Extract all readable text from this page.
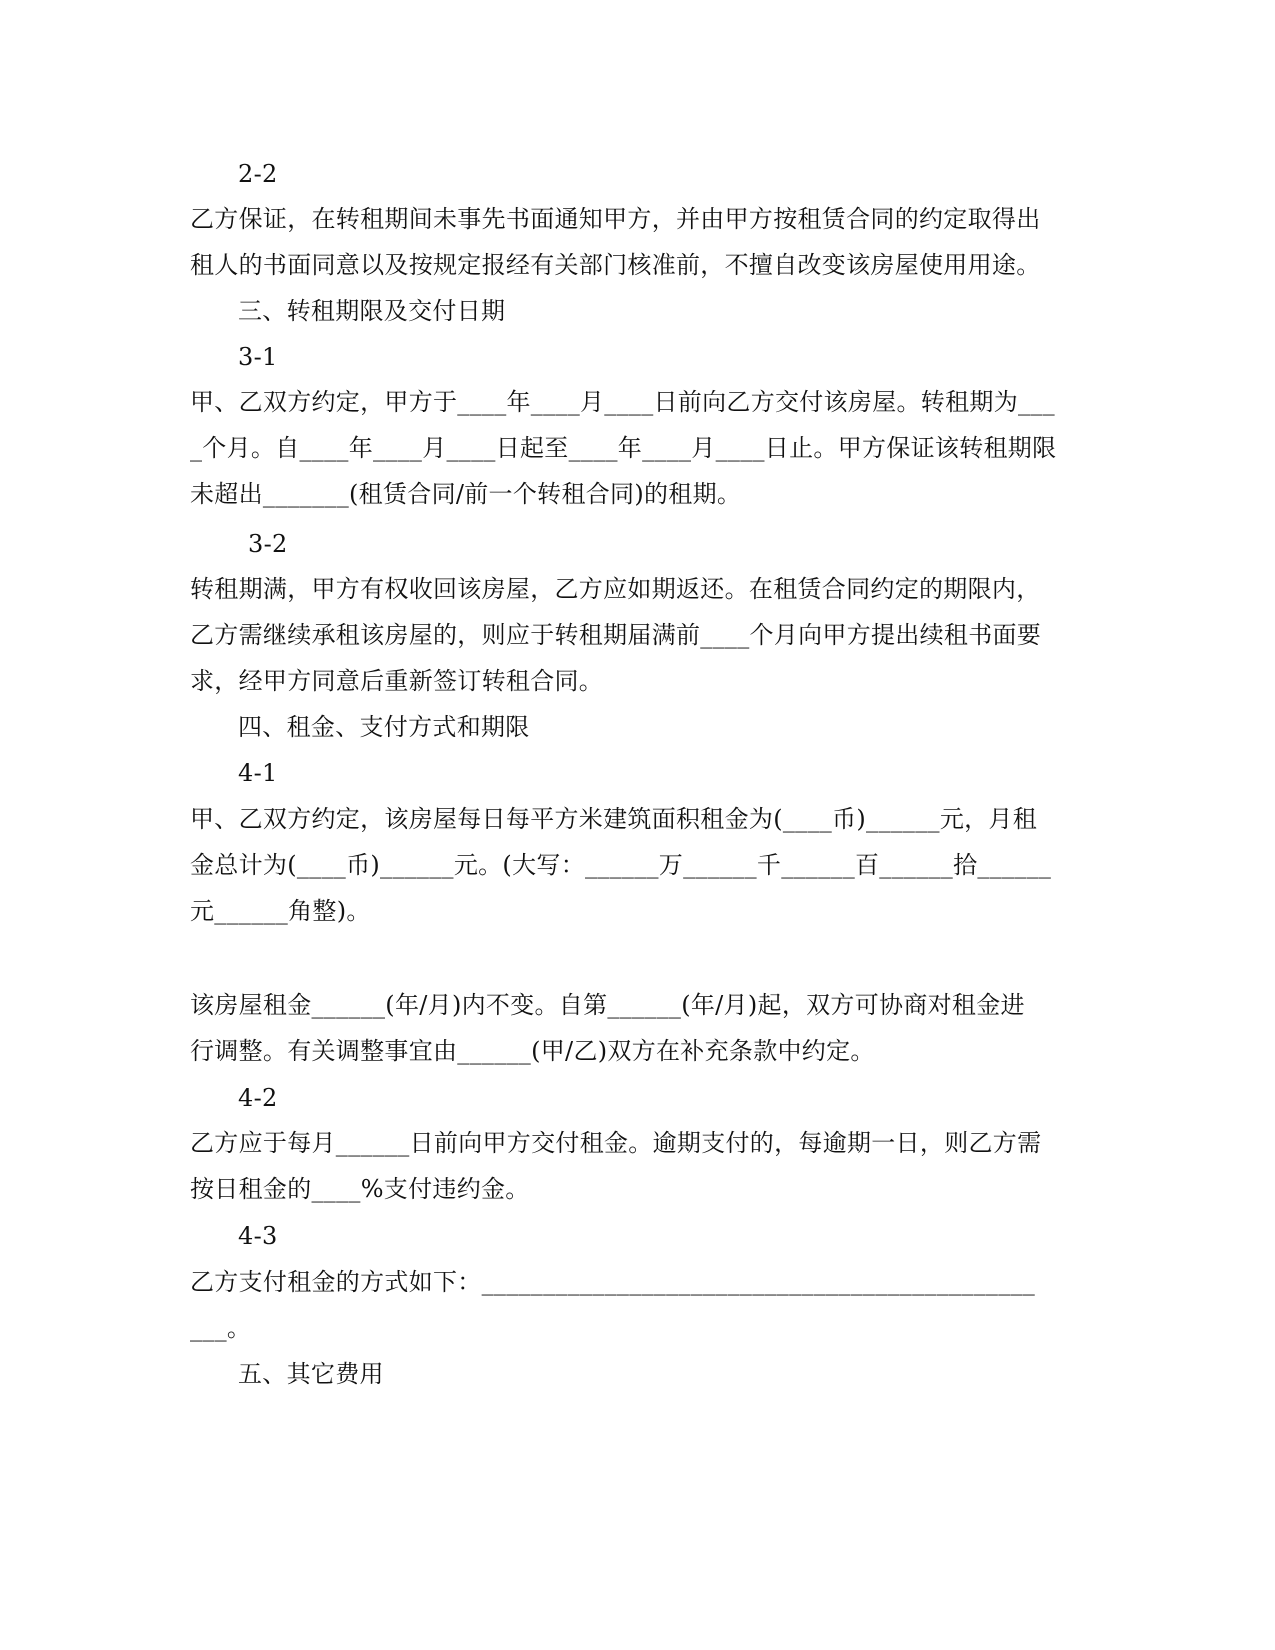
2-2
乙方保证，在转租期间未事先书面通知甲方，并由甲方按租赁合同的约定取得出
租人的书面同意以及按规定报经有关部门核准前，不擅自改变该房屋使用用途。
三、转租期限及交付日期
3-1
甲、乙双方约定，甲方于____年____月____日前向乙方交付该房屋。转租期为___
_个月。自____年____月____日起至____年____月____日止。甲方保证该转租期限
未超出_______(租赁合同/前一个转租合同)的租期。
3-2
转租期满，甲方有权收回该房屋，乙方应如期返还。在租赁合同约定的期限内，
乙方需继续承租该房屋的，则应于转租期届满前____个月向甲方提出续租书面要
求，经甲方同意后重新签订转租合同。
四、租金、支付方式和期限
4-1
甲、乙双方约定，该房屋每日每平方米建筑面积租金为(____币)______元，月租
金总计为(____币)______元。(大写：______万______千______百______拾______
元______角整)。
该房屋租金______(年/月)内不变。自第______(年/月)起，双方可协商对租金进
行调整。有关调整事宜由______(甲/乙)双方在补充条款中约定。
4-2
乙方应于每月______日前向甲方交付租金。逾期支付的，每逾期一日，则乙方需
按日租金的____%支付违约金。
4-3
乙方支付租金的方式如下：_____________________________________________
___。
五、其它费用
